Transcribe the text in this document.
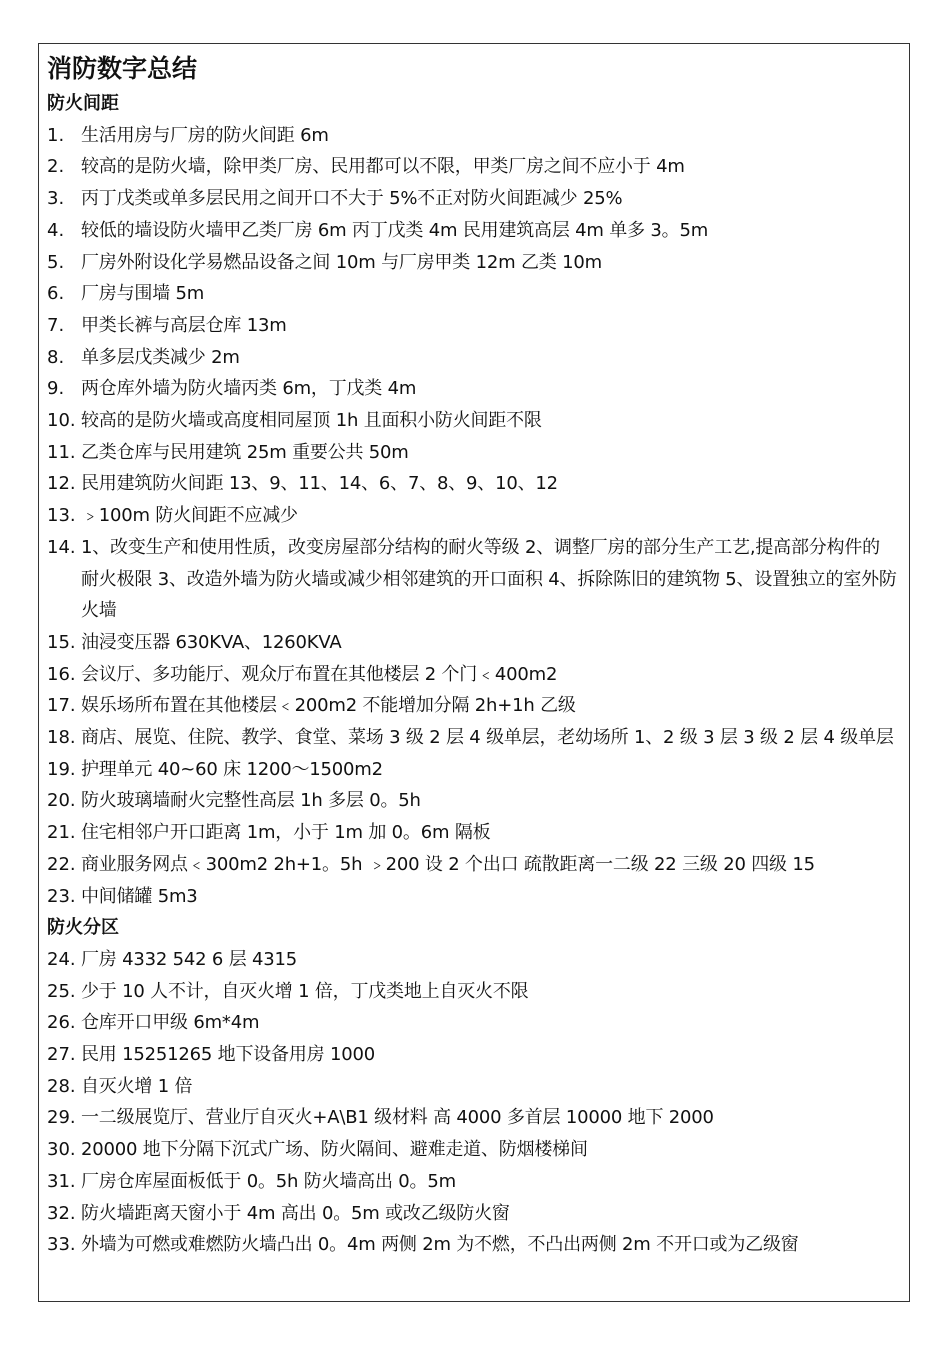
消防数字总结
防火间距
1. 生活用房与厂房的防火间距 6m
2. 较高的是防火墙，除甲类厂房、民用都可以不限，甲类厂房之间不应小于 4m
3. 丙丁戊类或单多层民用之间开口不大于 5%不正对防火间距减少 25%
4. 较低的墙设防火墙甲乙类厂房 6m 丙丁戊类 4m 民用建筑高层 4m 单多 3。5m
5. 厂房外附设化学易燃品设备之间 10m 与厂房甲类 12m 乙类 10m
6. 厂房与围墙 5m
7. 甲类长裤与高层仓库 13m
8. 单多层戊类减少 2m
9. 两仓库外墙为防火墙丙类 6m，丁戊类 4m
10. 较高的是防火墙或高度相同屋顶 1h 且面积小防火间距不限
11. 乙类仓库与民用建筑 25m 重要公共 50m
12. 民用建筑防火间距 13、9、11、14、6、7、8、9、10、12
13. ﹥100m 防火间距不应减少
14. 1、改变生产和使用性质，改变房屋部分结构的耐火等级 2、调整厂房的部分生产工艺,提高部分构件的耐火极限 3、改造外墙为防火墙或减少相邻建筑的开口面积 4、拆除陈旧的建筑物 5、设置独立的室外防火墙
15. 油浸变压器 630KVA、1260KVA
16. 会议厅、多功能厅、观众厅布置在其他楼层 2 个门﹤400m2
17. 娱乐场所布置在其他楼层﹤200m2 不能增加分隔 2h+1h 乙级
18. 商店、展览、住院、教学、食堂、菜场 3 级 2 层 4 级单层，老幼场所 1、2 级 3 层 3 级 2 层 4 级单层
19. 护理单元 40~60 床 1200～1500m2
20. 防火玻璃墙耐火完整性高层 1h 多层 0。5h
21. 住宅相邻户开口距离 1m，小于 1m 加 0。6m 隔板
22. 商业服务网点﹤300m2 2h+1。5h ﹥200 设 2 个出口 疏散距离一二级 22 三级 20 四级 15
23. 中间储罐 5m3
防火分区
24. 厂房 4332 542 6 层 4315
25. 少于 10 人不计，自灭火增 1 倍，丁戊类地上自灭火不限
26. 仓库开口甲级 6m*4m
27. 民用 15251265 地下设备用房 1000
28. 自灭火增 1 倍
29. 一二级展览厅、营业厅自灭火+A\B1 级材料 高 4000 多首层 10000 地下 2000
30. 20000 地下分隔下沉式广场、防火隔间、避难走道、防烟楼梯间
31. 厂房仓库屋面板低于 0。5h 防火墙高出 0。5m
32. 防火墙距离天窗小于 4m 高出 0。5m 或改乙级防火窗
33. 外墙为可燃或难燃防火墙凸出 0。4m 两侧 2m 为不燃，不凸出两侧 2m 不开口或为乙级窗
